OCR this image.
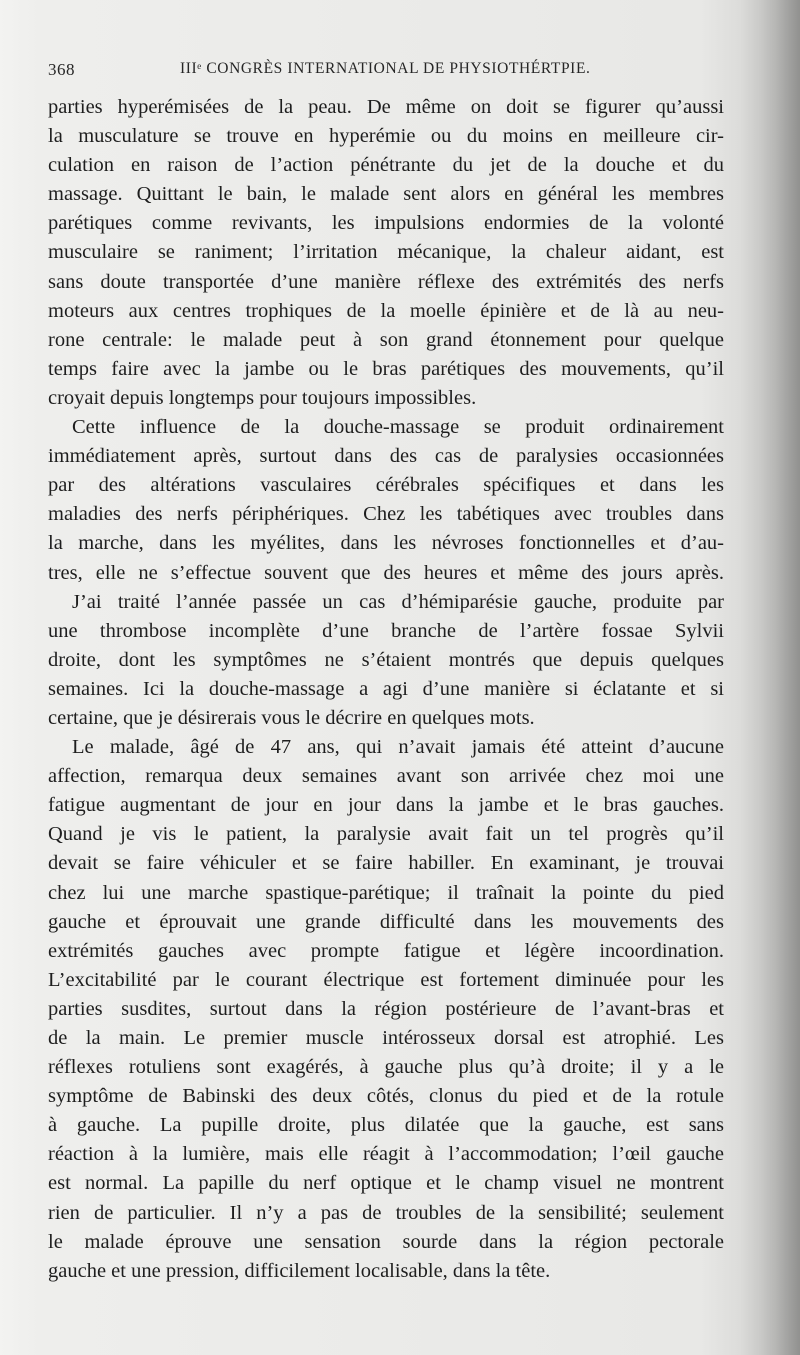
368	IIIᵉ CONGRÈS INTERNATIONAL DE PHYSIOTHÉRTPIE.
parties hyperémisées de la peau. De même on doit se figurer qu’aussi
la musculature se trouve en hyperémie ou du moins en meilleure cir-
culation en raison de l’action pénétrante du jet de la douche et du
massage. Quittant le bain, le malade sent alors en général les membres
parétiques comme revivants, les impulsions endormies de la volonté
musculaire se raniment; l’irritation mécanique, la chaleur aidant, est
sans doute transportée d’une manière réflexe des extrémités des nerfs
moteurs aux centres trophiques de la moelle épinière et de là au neu-
rone centrale: le malade peut à son grand étonnement pour quelque
temps faire avec la jambe ou le bras parétiques des mouvements, qu’il
croyait depuis longtemps pour toujours impossibles.
Cette influence de la douche-massage se produit ordinairement
immédiatement après, surtout dans des cas de paralysies occasionnées
par des altérations vasculaires cérébrales spécifiques et dans les
maladies des nerfs périphériques. Chez les tabétiques avec troubles dans
la marche, dans les myélites, dans les névroses fonctionnelles et d’au-
tres, elle ne s’effectue souvent que des heures et même des jours après.
J’ai traité l’année passée un cas d’hémiparésie gauche, produite par
une thrombose incomplète d’une branche de l’artère fossae Sylvii
droite, dont les symptômes ne s’étaient montrés que depuis quelques
semaines. Ici la douche-massage a agi d’une manière si éclatante et si
certaine, que je désirerais vous le décrire en quelques mots.
Le malade, âgé de 47 ans, qui n’avait jamais été atteint d’aucune
affection, remarqua deux semaines avant son arrivée chez moi une
fatigue augmentant de jour en jour dans la jambe et le bras gauches.
Quand je vis le patient, la paralysie avait fait un tel progrès qu’il
devait se faire véhiculer et se faire habiller. En examinant, je trouvai
chez lui une marche spastique-parétique; il traînait la pointe du pied
gauche et éprouvait une grande difficulté dans les mouvements des
extrémités gauches avec prompte fatigue et légère incoordination.
L’excitabilité par le courant électrique est fortement diminuée pour les
parties susdites, surtout dans la région postérieure de l’avant-bras et
de la main. Le premier muscle intérosseux dorsal est atrophié. Les
réflexes rotuliens sont exagérés, à gauche plus qu’à droite; il y a le
symptôme de Babinski des deux côtés, clonus du pied et de la rotule
à gauche. La pupille droite, plus dilatée que la gauche, est sans
réaction à la lumière, mais elle réagit à l’accommodation; l’œil gauche
est normal. La papille du nerf optique et le champ visuel ne montrent
rien de particulier. Il n’y a pas de troubles de la sensibilité; seulement
le malade éprouve une sensation sourde dans la région pectorale
gauche et une pression, difficilement localisable, dans la tête.
